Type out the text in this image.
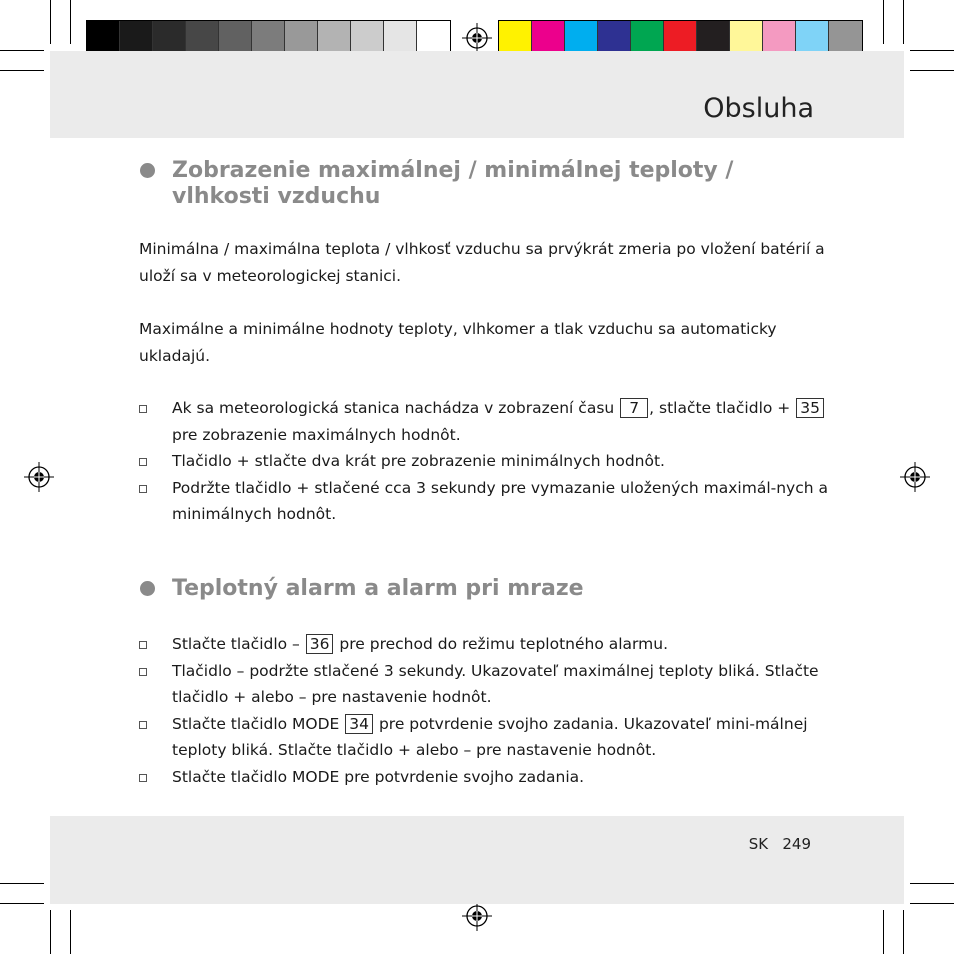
Obsluha
Zobrazenie maximálnej / minimálnej teploty / vlhkosti vzduchu
Minimálna / maximálna teplota / vlhkosť vzduchu sa prvýkrát zmeria po vložení batérií a uloží sa v meteorologickej stanici.
Maximálne a minimálne hodnoty teploty, vlhkomer a tlak vzduchu sa automaticky ukladajú.
Ak sa meteorologická stanica nachádza v zobrazení času 7 , stlačte tlačidlo + 35 pre zobrazenie maximálnych hodnôt.
Tlačidlo + stlačte dva krát pre zobrazenie minimálnych hodnôt.
Podržte tlačidlo + stlačené cca 3 sekundy pre vymazanie uložených maximál-nych a minimálnych hodnôt.
Teplotný alarm a alarm pri mraze
Stlačte tlačidlo – 36 pre prechod do režimu teplotného alarmu.
Tlačidlo – podržte stlačené 3 sekundy. Ukazovateľ maximálnej teploty bliká. Stlačte tlačidlo + alebo – pre nastavenie hodnôt.
Stlačte tlačidlo MODE 34 pre potvrdenie svojho zadania. Ukazovateľ mini-málnej teploty bliká. Stlačte tlačidlo + alebo – pre nastavenie hodnôt.
Stlačte tlačidlo MODE pre potvrdenie svojho zadania.
SK 249
